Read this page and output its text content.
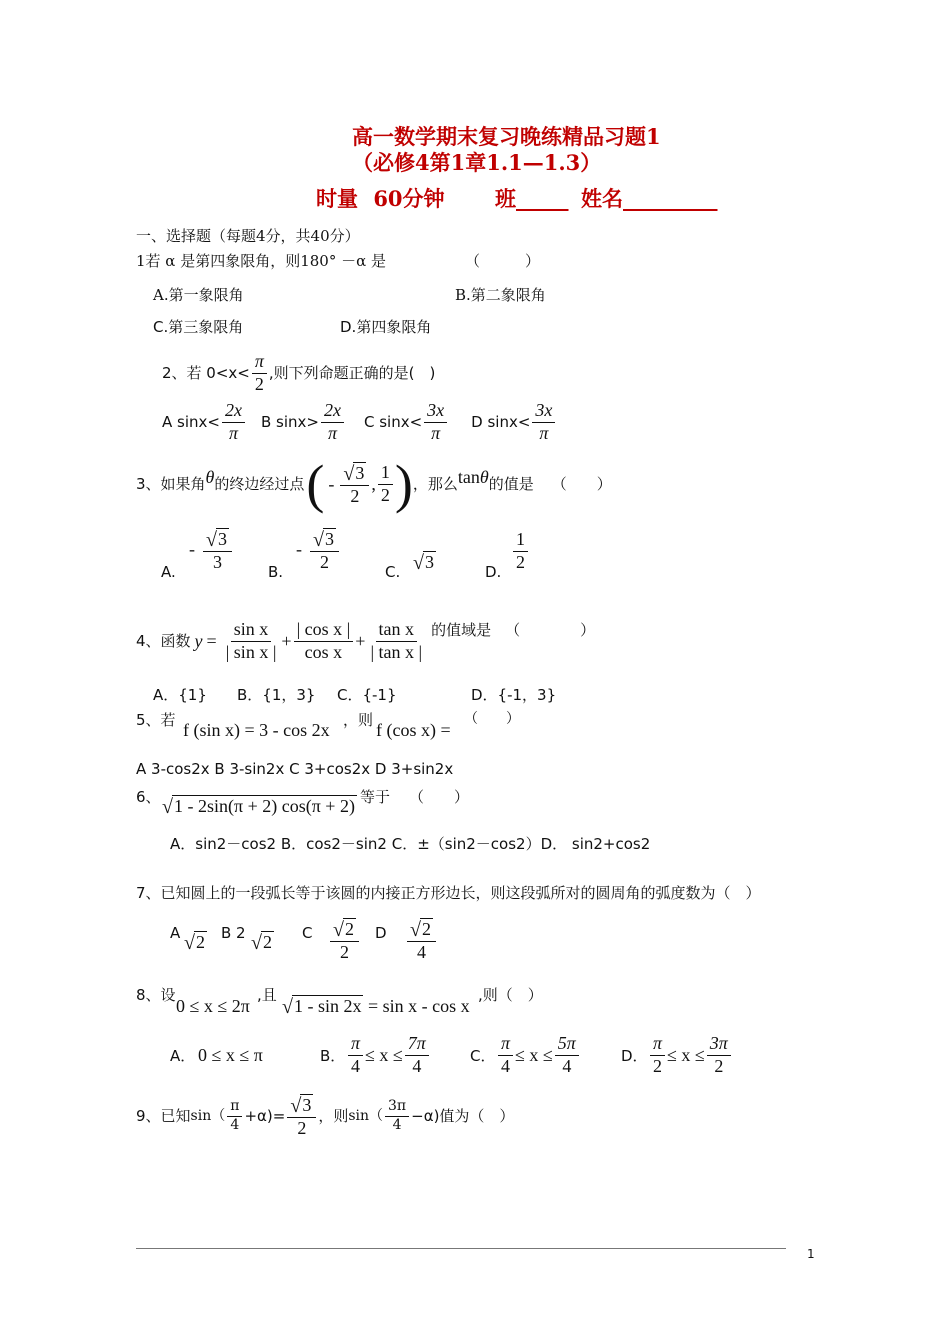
高一数学期末复习晚练精品习题1
（必修4第1章1.1—1.3）
时量 60分钟 班_____ 姓名_________
一、选择题（每题4分，共40分）
1若 α 是第四象限角，则180° －α 是	（　　　）
A.第一象限角	B.第二象限角
C.第三象限角	D.第四象限角
2、若 $0<x< \frac{\pi}{2}$ ,则下列命题正确的是(　)
A $\sin x< \frac{2x}{\pi}$ B $\sin x> \frac{2x}{\pi}$ C $\sin x< \frac{3x}{\pi}$ D $\sin x< \frac{3x}{\pi}$
3、如果角 θ 的终边经过点 ( - $\frac{√ 3}{2}$ , $\frac{1}{2}$ ) ，那么 tan θ 的值是 （　　）
A.
- $\frac{√ 3}{3} B$.
- $\frac{√ 3}{2}$	C. √ 3	D. $\frac{1}{2}$
4、函数 $y = \frac{\text{sin x}}{\text{| sin x |}} + \frac{\text{| cos x |}}{\text{cos x}} + \frac{\text{tan x}}{\text{| tan x |}}$ 的值域是 （　　　　）
A．{1} B．{1，3} C．{-1}	D．{-1，3}
5、若 f (sin x) = 3 - cos 2x ，则 f (cos x) =
（　　）
A 3-cos2x B 3-sin2x C 3+cos2x D 3+sin2x
6、 √ 1 - 2sin(π + 2) cos(π + 2) 等于 （　　）
A．sin2－cos2 B．cos2－sin2 C．±（sin2－cos2）D． sin2+cos2
7、已知圆上的一段弧长等于该圆的内接正方形边长，则这段弧所对的圆周角的弧度数为（　）
A √ 2 B 2 √ 2 C $\frac{√ 2}{2}$ D $\frac{√ 2}{4}$
8、设
0 ≤ x ≤ 2π
,且
√ 1 - sin 2x = sin x - cos x
,则（　）
A． 0 ≤ x ≤ π	B． $\frac{\pi}{4} \le x \le \frac{7\pi}{4}$	C． $\frac{\pi}{4} \le x \le \frac{5\pi}{4}$	D． $\frac{\pi}{2} \le x \le \frac{3\pi}{2}$
9、已知 $\sin( \frac{\pi}{4} +\alpha)= \frac{√ 3}{2}$ ，则 $\sin( \frac{3\pi}{4} -\alpha)$值为（　）
1
